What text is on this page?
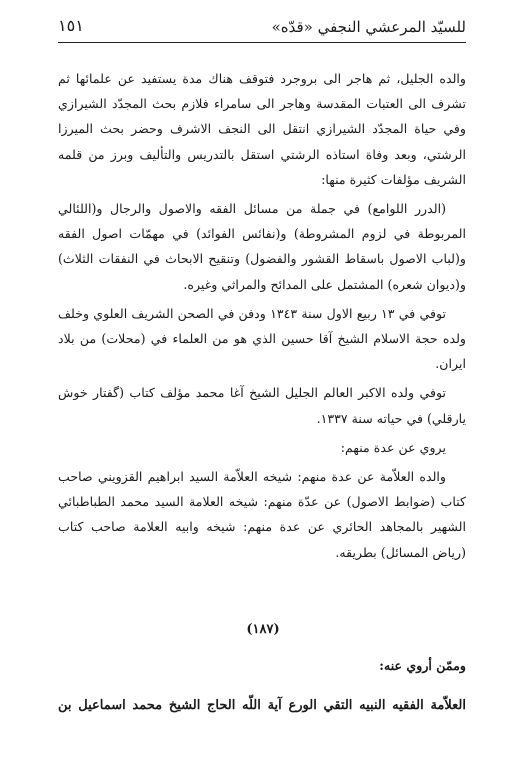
للسيّد المرعشي النجفي «قدّه»
١٥١

والده الجليل، ثم هاجر الى بروجرد فتوقف هناك مدة يستفيد عن علمائها ثم تشرف الى العتبات المقدسة وهاجر الى سامراء فلازم بحث المجدّد الشيرازي وفي حياة المجدّد الشيرازي انتقل الى النجف الاشرف وحضر بحث الميرزا الرشتي، وبعد وفاة استاذه الرشتي استقل بالتدريس والتأليف وبرز من قلمه الشريف مؤلفات كثيرة منها:

(الدرر اللوامع) في جملة من مسائل الفقه والاصول والرجال و(اللئالي المربوطة في لزوم المشروطة) و(نفائس الفوائد) في مهمّات اصول الفقه و(لباب الاصول باسقاط القشور والفضول) وتنقيح الابحاث في النفقات الثلاث) و(ديوان شعره) المشتمل على المدائح والمراثي وغيره.

توفي في ١٣ ربيع الاول سنة ١٣٤٣ ودفن في الصحن الشريف العلوي وخلف ولده حجة الاسلام الشيخ آقا حسين الذي هو من العلماء في (محلات) من بلاد ايران.

توفي ولده الاكبر العالم الجليل الشيخ آغا محمد مؤلف كتاب (گفتار خوش يارقلي) في حياته سنة ١٣٣٧.

يروي عن عدة منهم:

والده العلاّمة عن عدة منهم: شيخه العلاّمة السيد ابراهيم القزويني صاحب كتاب (ضوابط الاصول) عن عدّة منهم: شيخه العلامة السيد محمد الطباطبائي الشهير بالمجاهد الحائري عن عدة منهم: شيخه وابيه العلامة صاحب كتاب (رياض المسائل) بطريقه.

(١٨٧)
وممّن أروي عنه:
العلاّمة الفقيه النبيه التقي الورع آية اللّه الحاج الشيخ محمد اسماعيل بن
